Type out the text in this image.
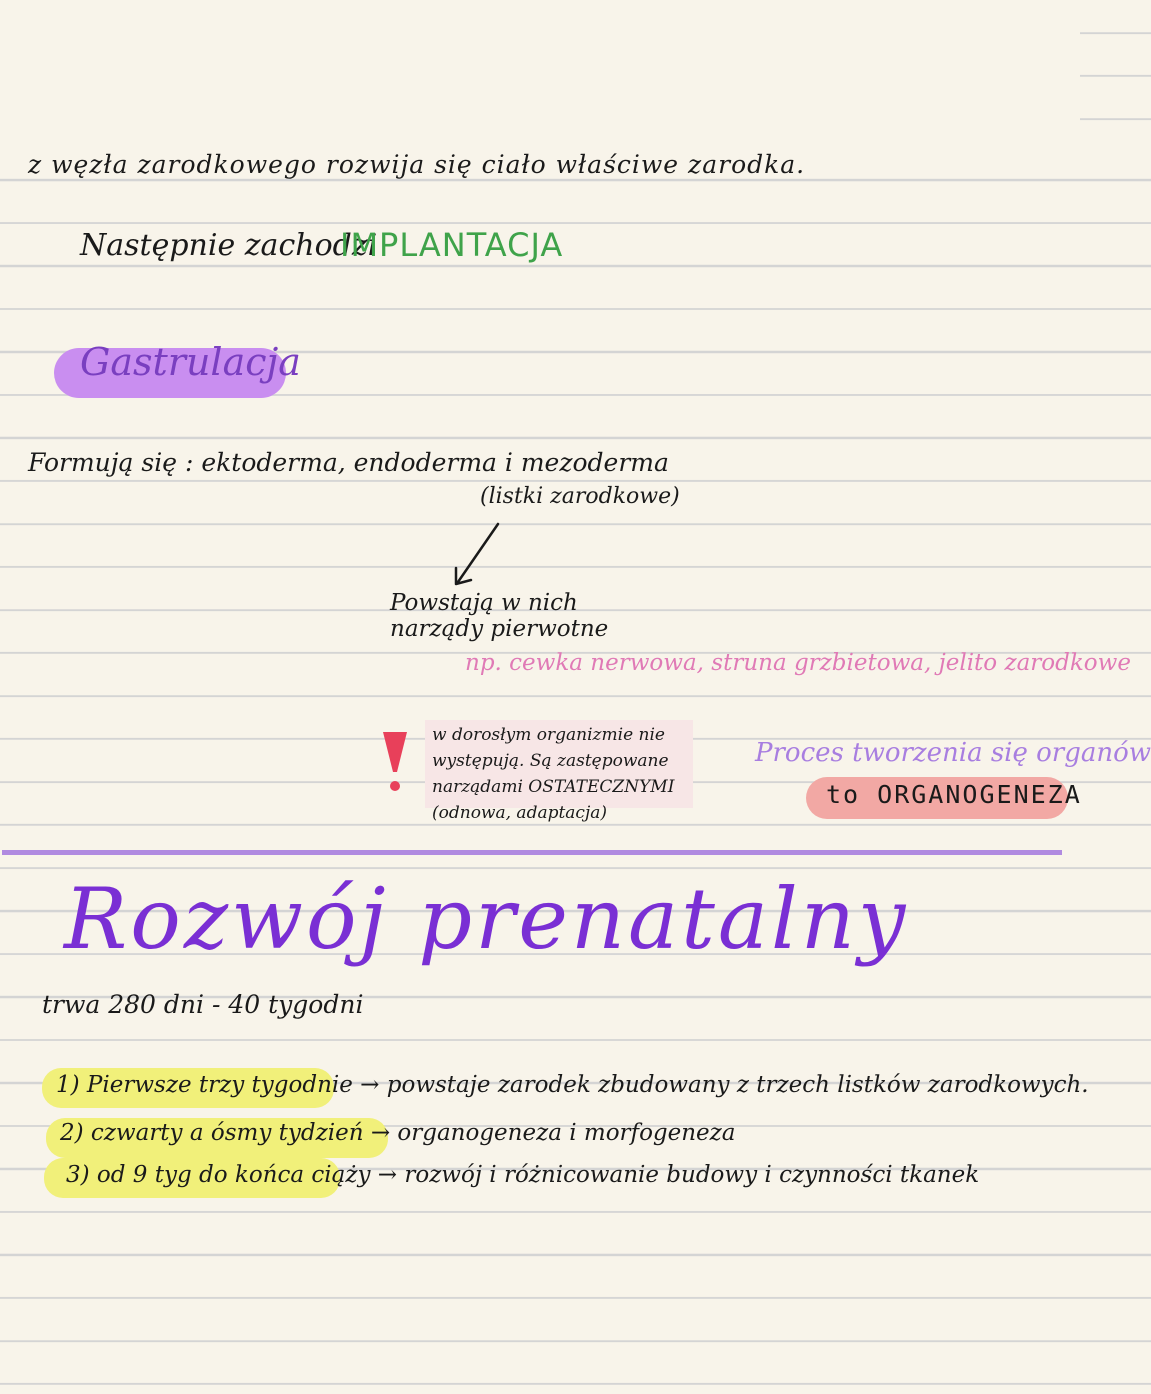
z węzła zarodkowego rozwija się ciało właściwe zarodka.
Następnie zachodzi
IMPLANTACJA
Gastrulacja
Formują się : ektoderma, endoderma i mezoderma
(listki zarodkowe)
Powstają w nich narządy pierwotne
np. cewka nerwowa, struna grzbietowa, jelito zarodkowe
w dorosłym organizmie nie występują. Są zastępowane narządami OSTATECZNYMI (odnowa, adaptacja)
Proces tworzenia się organów
to ORGANOGENEZA
Rozwój prenatalny
trwa 280 dni - 40 tygodni
1) Pierwsze trzy tygodnie → powstaje zarodek zbudowany z trzech listków zarodkowych.
2) czwarty a ósmy tydzień → organogeneza i morfogeneza
3) od 9 tyg do końca ciąży → rozwój i różnicowanie budowy i czynności tkanek
